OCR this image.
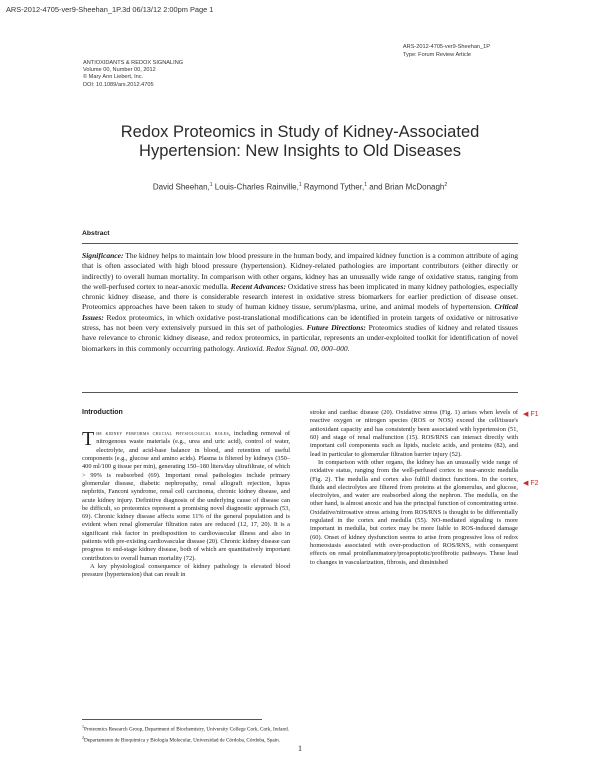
ARS-2012-4705-ver9-Sheehan_1P.3d 06/13/12 2:00pm Page 1
ARS-2012-4705-ver9-Sheehan_1P
Type: Forum Review Article
ANTIOXIDANTS & REDOX SIGNALING
Volume 00, Number 00, 2012
© Mary Ann Liebert, Inc.
DOI: 10.1089/ars.2012.4705
Redox Proteomics in Study of Kidney-Associated
Hypertension: New Insights to Old Diseases
David Sheehan,$^1$ Louis-Charles Rainville,$^1$ Raymond Tyther,$^1$ and Brian McDonagh$^2$
Abstract
Significance: The kidney helps to maintain low blood pressure in the human body, and impaired kidney function is a common attribute of aging that is often associated with high blood pressure (hypertension). Kidney-related pathologies are important contributors (either directly or indirectly) to overall human mortality. In comparison with other organs, kidney has an unusually wide range of oxidative status, ranging from the well-perfused cortex to near-anoxic medulla. Recent Advances: Oxidative stress has been implicated in many kidney pathologies, especially chronic kidney disease, and there is considerable research interest in oxidative stress biomarkers for earlier prediction of disease onset. Proteomics approaches have been taken to study of human kidney tissue, serum/plasma, urine, and animal models of hypertension. Critical Issues: Redox proteomics, in which oxidative post-translational modifications can be identified in protein targets of oxidative or nitrosative stress, has not been very extensively pursued in this set of pathologies. Future Directions: Proteomics studies of kidney and related tissues have relevance to chronic kidney disease, and redox proteomics, in particular, represents an under-exploited toolkit for identification of novel biomarkers in this commonly occurring pathology. Antioxid. Redox Signal. 00, 000–000.
Introduction

The kidney performs crucial physiological roles, including removal of nitrogenous waste materials (e.g., urea and uric acid), control of water, electrolyte, and acid-base balance in blood, and retention of useful components (e.g., glucose and amino acids). Plasma is filtered by kidneys (350–400 ml/100 g tissue per min), generating 150–180 liters/day ultrafiltrate, of which > 99% is reabsorbed (69). Important renal pathologies include primary glomerular disease, diabetic nephropathy, renal allograft rejection, lupus nephritis, Fanconi syndrome, renal cell carcinoma, chronic kidney disease, and acute kidney injury. Definitive diagnosis of the underlying cause of disease can be difficult, so proteomics represent a promising novel diagnostic approach (53, 69). Chronic kidney disease affects some 11% of the general population and is evident when renal glomerular filtration rates are reduced (12, 17, 20). It is a significant risk factor in predisposition to cardiovascular illness and also in patients with pre-existing cardiovascular disease (20). Chronic kidney disease can progress to end-stage kidney disease, both of which are quantitatively important contributors to overall human mortality (72).

A key physiological consequence of kidney pathology is elevated blood pressure (hypertension) that can result in

stroke and cardiac disease (20). Oxidative stress (Fig. 1) arises when levels of reactive oxygen or nitrogen species (ROS or NOS) exceed the cell/tissue's antioxidant capacity and has consistently been associated with hypertension (51, 60) and stage of renal malfunction (15). ROS/RNS can interact directly with important cell components such as lipids, nucleic acids, and proteins (82), and lead in particular to glomerular filtration barrier injury (52).

In comparison with other organs, the kidney has an unusually wide range of oxidative status, ranging from the well-perfused cortex to near-anoxic medulla (Fig. 2). The medulla and cortex also fulfill distinct functions. In the cortex, fluids and electrolytes are filtered from proteins at the glomerulus, and glucose, electrolytes, and water are reabsorbed along the nephron. The medulla, on the other hand, is almost anoxic and has the principal function of concentrating urine. Oxidative/nitrosative stress arising from ROS/RNS is thought to be differentially regulated in the cortex and medulla (55). NO-mediated signaling is more important in medulla, but cortex may be more liable to ROS-induced damage (60). Onset of kidney dysfunction seems to arise from progressive loss of redox homeostasis associated with over-production of ROS/RNS, with consequent effects on renal proinflammatory/proapoptotic/profibrotic pathways. These lead to changes in vascularization, fibrosis, and diminished

◀ F1
◀ F2
$^1$Proteomics Research Group, Department of Biochemistry, University College Cork, Cork, Ireland.
$^2$Departamento de Bioquímica y Biología Molecular, Universidad de Córdoba, Córdoba, Spain.
1
